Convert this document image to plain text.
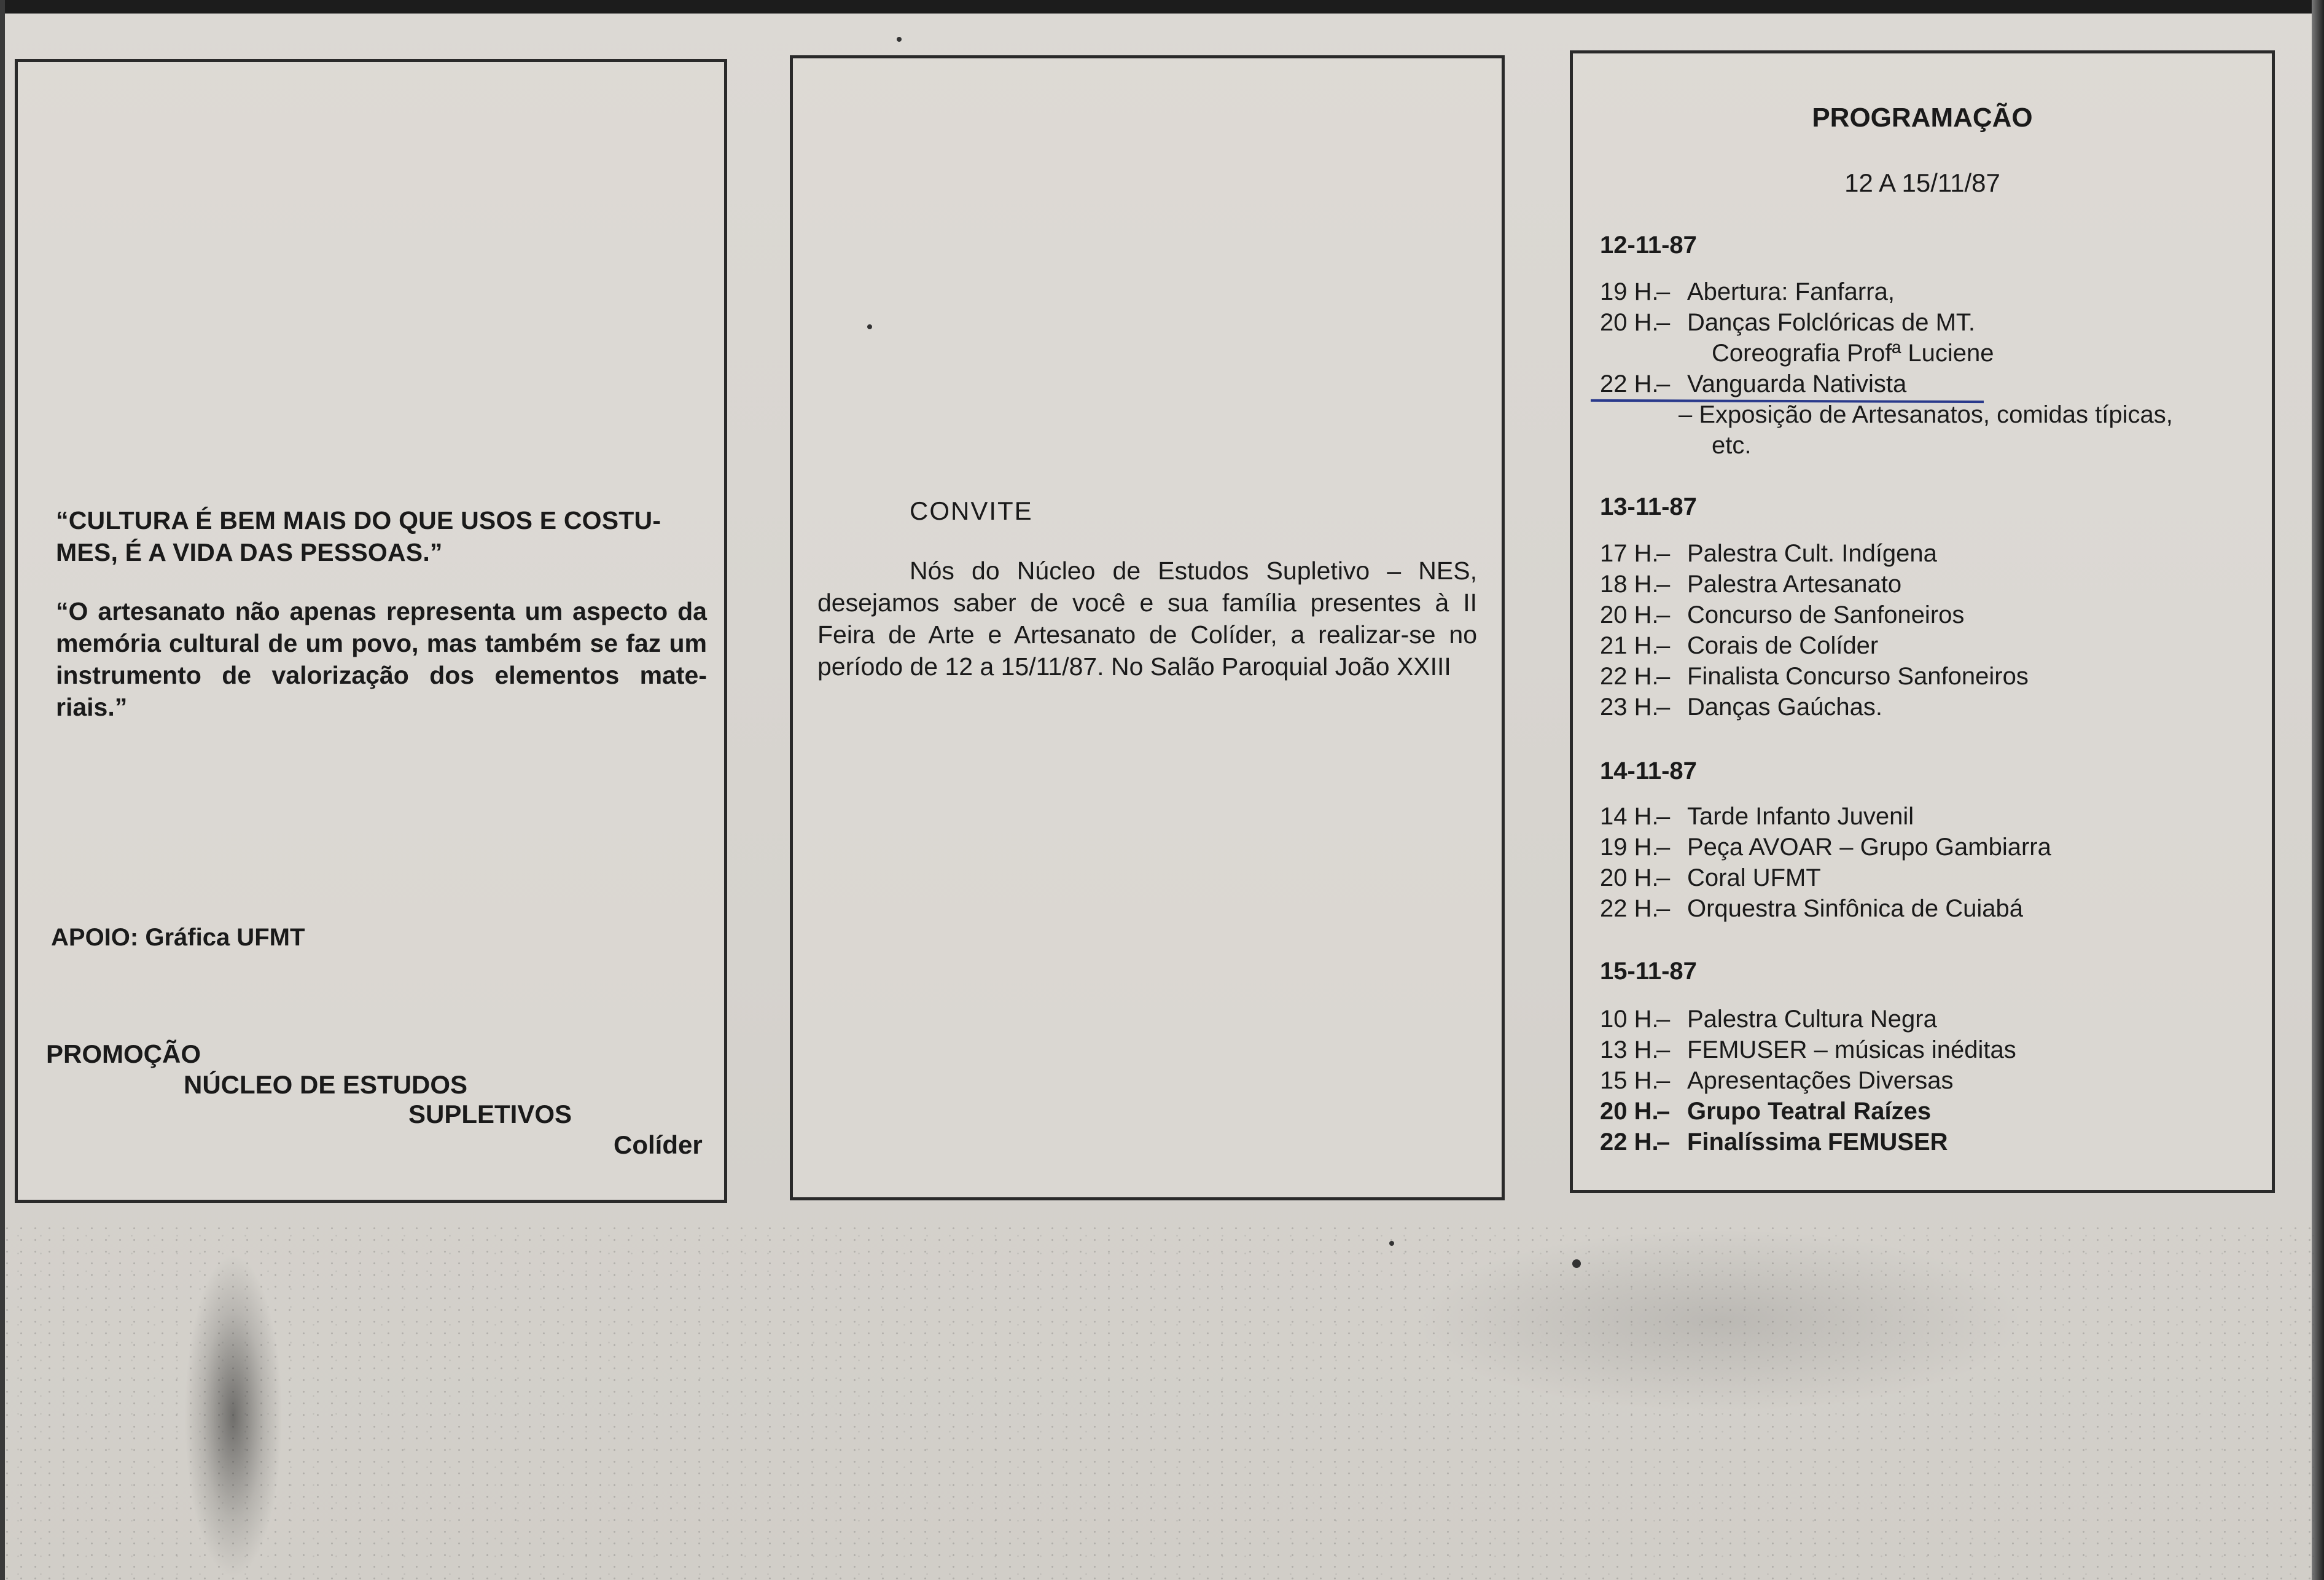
“CULTURA É BEM MAIS DO QUE USOS E COSTU-MES, É A VIDA DAS PESSOAS.”
“O artesanato não apenas representa um aspecto da memória cultural de um povo, mas também se faz um instrumento de valorização dos elementos mate-riais.”
APOIO: Gráfica UFMT
PROMOÇÃO
NÚCLEO DE ESTUDOS
SUPLETIVOS
Colíder
CONVITE
Nós do Núcleo de Estudos Supletivo – NES, desejamos saber de você e sua família presentes à II Feira de Arte e Artesanato de Colíder, a realizar-se no período de 12 a 15/11/87. No Salão Paroquial João XXIII
PROGRAMAÇÃO
12 A 15/11/87
12-11-87
19 H.– Abertura: Fanfarra,
20 H.– Danças Folclóricas de MT.
Coreografia Profª Luciene
22 H.– Vanguarda Nativista
– Exposição de Artesanatos, comidas típicas,
etc.
13-11-87
17 H.– Palestra Cult. Indígena
18 H.– Palestra Artesanato
20 H.– Concurso de Sanfoneiros
21 H.– Corais de Colíder
22 H.– Finalista Concurso Sanfoneiros
23 H.– Danças Gaúchas.
14-11-87
14 H.– Tarde Infanto Juvenil
19 H.– Peça AVOAR – Grupo Gambiarra
20 H.– Coral UFMT
22 H.– Orquestra Sinfônica de Cuiabá
15-11-87
10 H.– Palestra Cultura Negra
13 H.– FEMUSER – músicas inéditas
15 H.– Apresentações Diversas
20 H.– Grupo Teatral Raízes
22 H.– Finalíssima FEMUSER
